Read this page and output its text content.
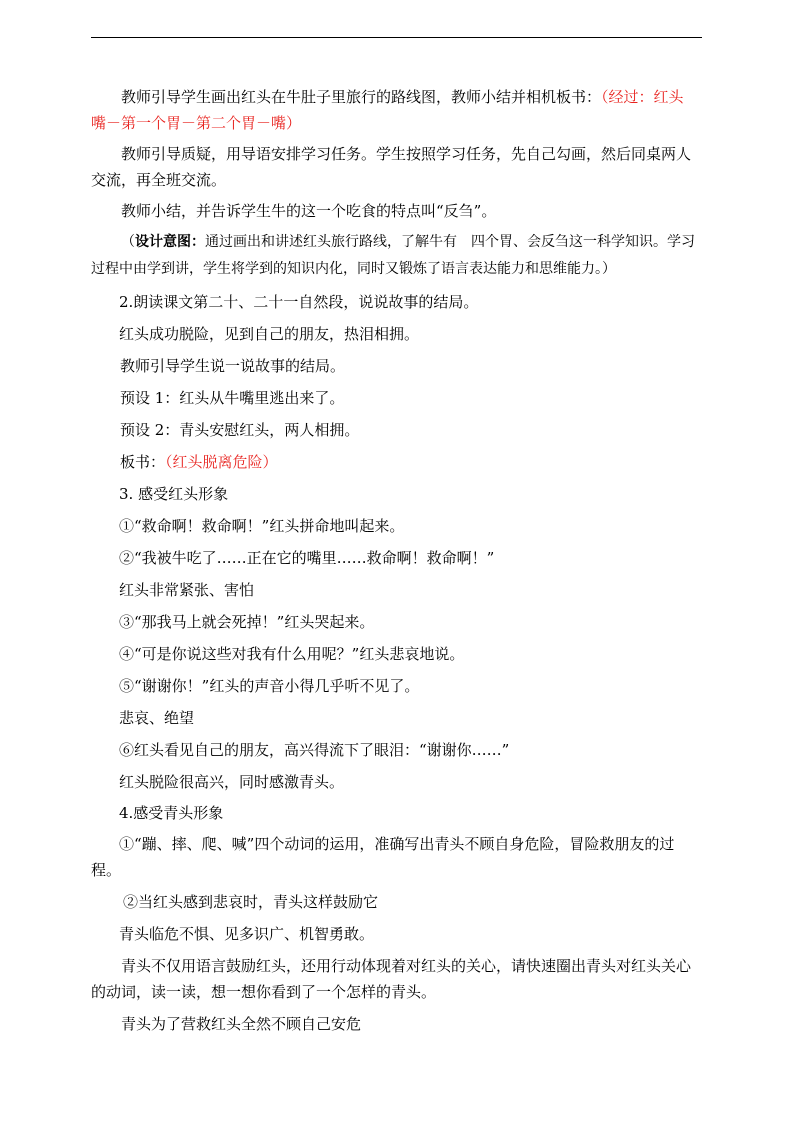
教师引导学生画出红头在牛肚子里旅行的路线图，教师小结并相机板书：（经过：红头　嘴－第一个胃－第二个胃－嘴）

教师引导质疑，用导语安排学习任务。学生按照学习任务，先自己勾画，然后同桌两人交流，再全班交流。

教师小结，并告诉学生牛的这一个吃食的特点叫“反刍”。

（设计意图：通过画出和讲述红头旅行路线，了解牛有　四个胃、会反刍这一科学知识。学习过程中由学到讲，学生将学到的知识内化，同时又锻炼了语言表达能力和思维能力。）

2.朗读课文第二十、二十一自然段，说说故事的结局。

红头成功脱险，见到自己的朋友，热泪相拥。

教师引导学生说一说故事的结局。

预设 1：红头从牛嘴里逃出来了。

预设 2：青头安慰红头，两人相拥。

板书：（红头脱离危险）

3. 感受红头形象

①“救命啊！救命啊！”红头拼命地叫起来。

②“我被牛吃了……正在它的嘴里……救命啊！救命啊！”

红头非常紧张、害怕

③“那我马上就会死掉！”红头哭起来。

④“可是你说这些对我有什么用呢？”红头悲哀地说。

⑤“谢谢你！”红头的声音小得几乎听不见了。

悲哀、绝望

⑥红头看见自己的朋友，高兴得流下了眼泪：“谢谢你……”

红头脱险很高兴，同时感激青头。

4.感受青头形象

①“蹦、摔、爬、喊”四个动词的运用，准确写出青头不顾自身危险，冒险救朋友的过程。

②当红头感到悲哀时，青头这样鼓励它

青头临危不惧、见多识广、机智勇敢。

青头不仅用语言鼓励红头，还用行动体现着对红头的关心，请快速圈出青头对红头关心的动词，读一读，想一想你看到了一个怎样的青头。

青头为了营救红头全然不顾自己安危
